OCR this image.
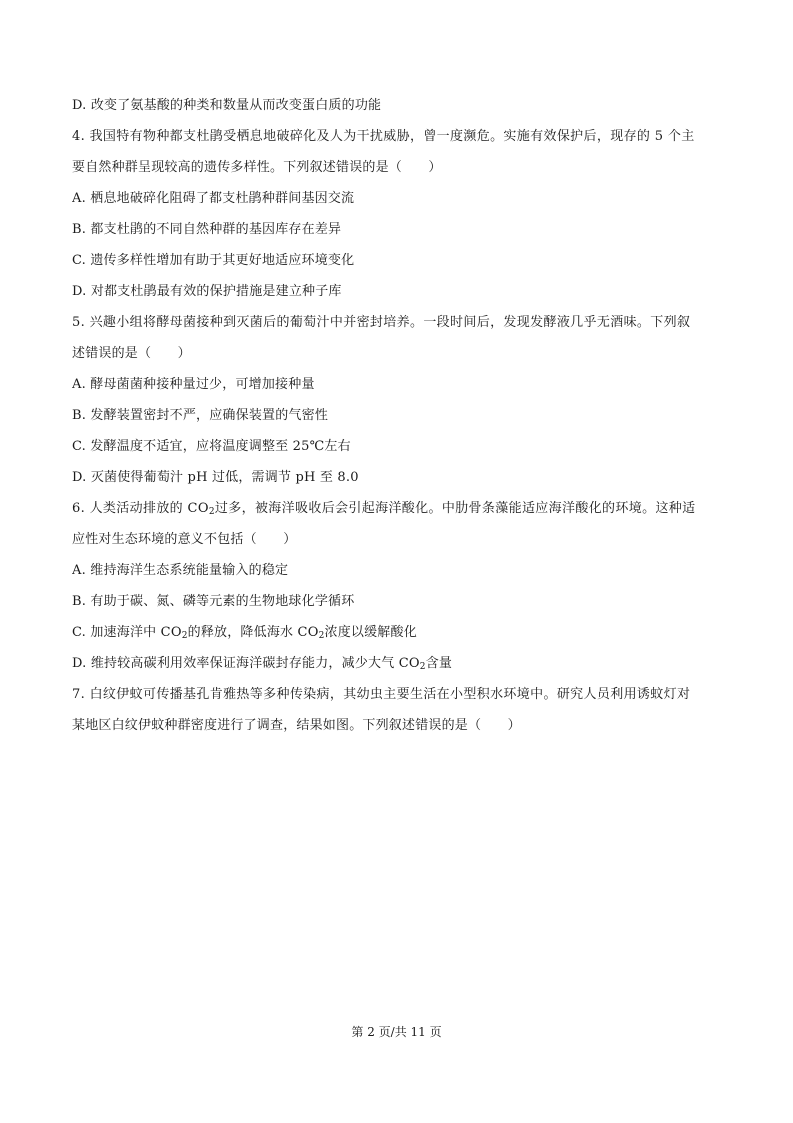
D. 改变了氨基酸的种类和数量从而改变蛋白质的功能
4. 我国特有物种都支杜鹃受栖息地破碎化及人为干扰威胁，曾一度濒危。实施有效保护后，现存的 5 个主
要自然种群呈现较高的遗传多样性。下列叙述错误的是（　　）
A. 栖息地破碎化阻碍了都支杜鹃种群间基因交流
B. 都支杜鹃的不同自然种群的基因库存在差异
C. 遗传多样性增加有助于其更好地适应环境变化
D. 对都支杜鹃最有效的保护措施是建立种子库
5. 兴趣小组将酵母菌接种到灭菌后的葡萄汁中并密封培养。一段时间后，发现发酵液几乎无酒味。下列叙
述错误的是（　　）
A. 酵母菌菌种接种量过少，可增加接种量
B. 发酵装置密封不严，应确保装置的气密性
C. 发酵温度不适宜，应将温度调整至 25℃左右
D. 灭菌使得葡萄汁 pH 过低，需调节 pH 至 8.0
6. 人类活动排放的 $CO_2$过多，被海洋吸收后会引起海洋酸化。中肋骨条藻能适应海洋酸化的环境。这种适
应性对生态环境的意义不包括（　　）
A. 维持海洋生态系统能量输入的稳定
B. 有助于碳、氮、磷等元素的生物地球化学循环
C. 加速海洋中 $CO_2$的释放，降低海水 $CO_2$浓度以缓解酸化
D. 维持较高碳利用效率保证海洋碳封存能力，减少大气 $CO_2$含量
7. 白纹伊蚊可传播基孔肯雅热等多种传染病，其幼虫主要生活在小型积水环境中。研究人员利用诱蚊灯对
某地区白纹伊蚊种群密度进行了调查，结果如图。下列叙述错误的是（　　）
第 2 页/共 11 页
